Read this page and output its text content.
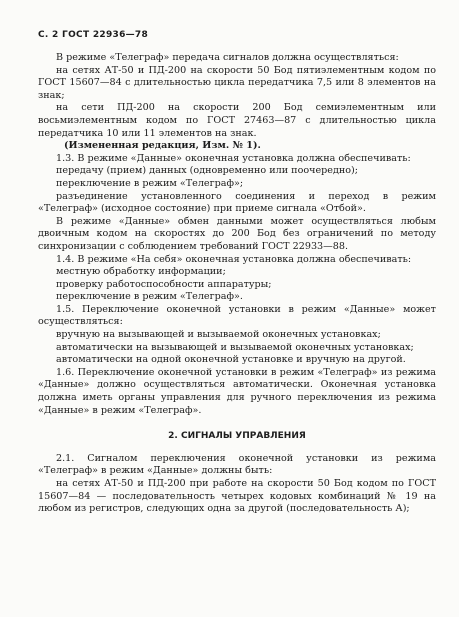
С. 2 ГОСТ 22936—78

В режиме «Телеграф» передача сигналов должна осуществляться:

на сетях АТ-50 и ПД-200 на скорости 50 Бод пятиэлементным кодом по ГОСТ 15607—84 с длительностью цикла передатчика 7,5 или 8 элементов на знак;

на сети ПД-200 на скорости 200 Бод семиэлементным или восьмиэлементным кодом по ГОСТ 27463—87 с длительностью цикла передатчика 10 или 11 элементов на знак.

(Измененная редакция, Изм. № 1).

1.3. В режиме «Данные» оконечная установка должна обеспечивать:

передачу (прием) данных (одновременно или поочередно);

переключение в режим «Телеграф»;

разъединение установленного соединения и переход в режим «Телеграф» (исходное состояние) при приеме сигнала «Отбой».

В режиме «Данные» обмен данными может осуществляться любым двоичным кодом на скоростях до 200 Бод без ограничений по методу синхронизации с соблюдением требований ГОСТ 22933—88.

1.4. В режиме «На себя» оконечная установка должна обеспечивать:

местную обработку информации;

проверку работоспособности аппаратуры;

переключение в режим «Телеграф».

1.5. Переключение оконечной установки в режим «Данные» может осуществляться:

вручную на вызывающей и вызываемой оконечных установках;

автоматически на вызывающей и вызываемой оконечных установках;

автоматически на одной оконечной установке и вручную на другой.

1.6. Переключение оконечной установки в режим «Телеграф» из режима «Данные» должно осуществляться автоматически. Оконечная установка должна иметь органы управления для ручного переключения из режима «Данные» в режим «Телеграф».

2. СИГНАЛЫ УПРАВЛЕНИЯ

2.1. Сигналом переключения оконечной установки из режима «Телеграф» в режим «Данные» должны быть:

на сетях АТ-50 и ПД-200 при работе на скорости 50 Бод кодом по ГОСТ 15607—84 — последовательность четырех кодовых комбинаций № 19 на любом из регистров, следующих одна за другой (последовательность А);
